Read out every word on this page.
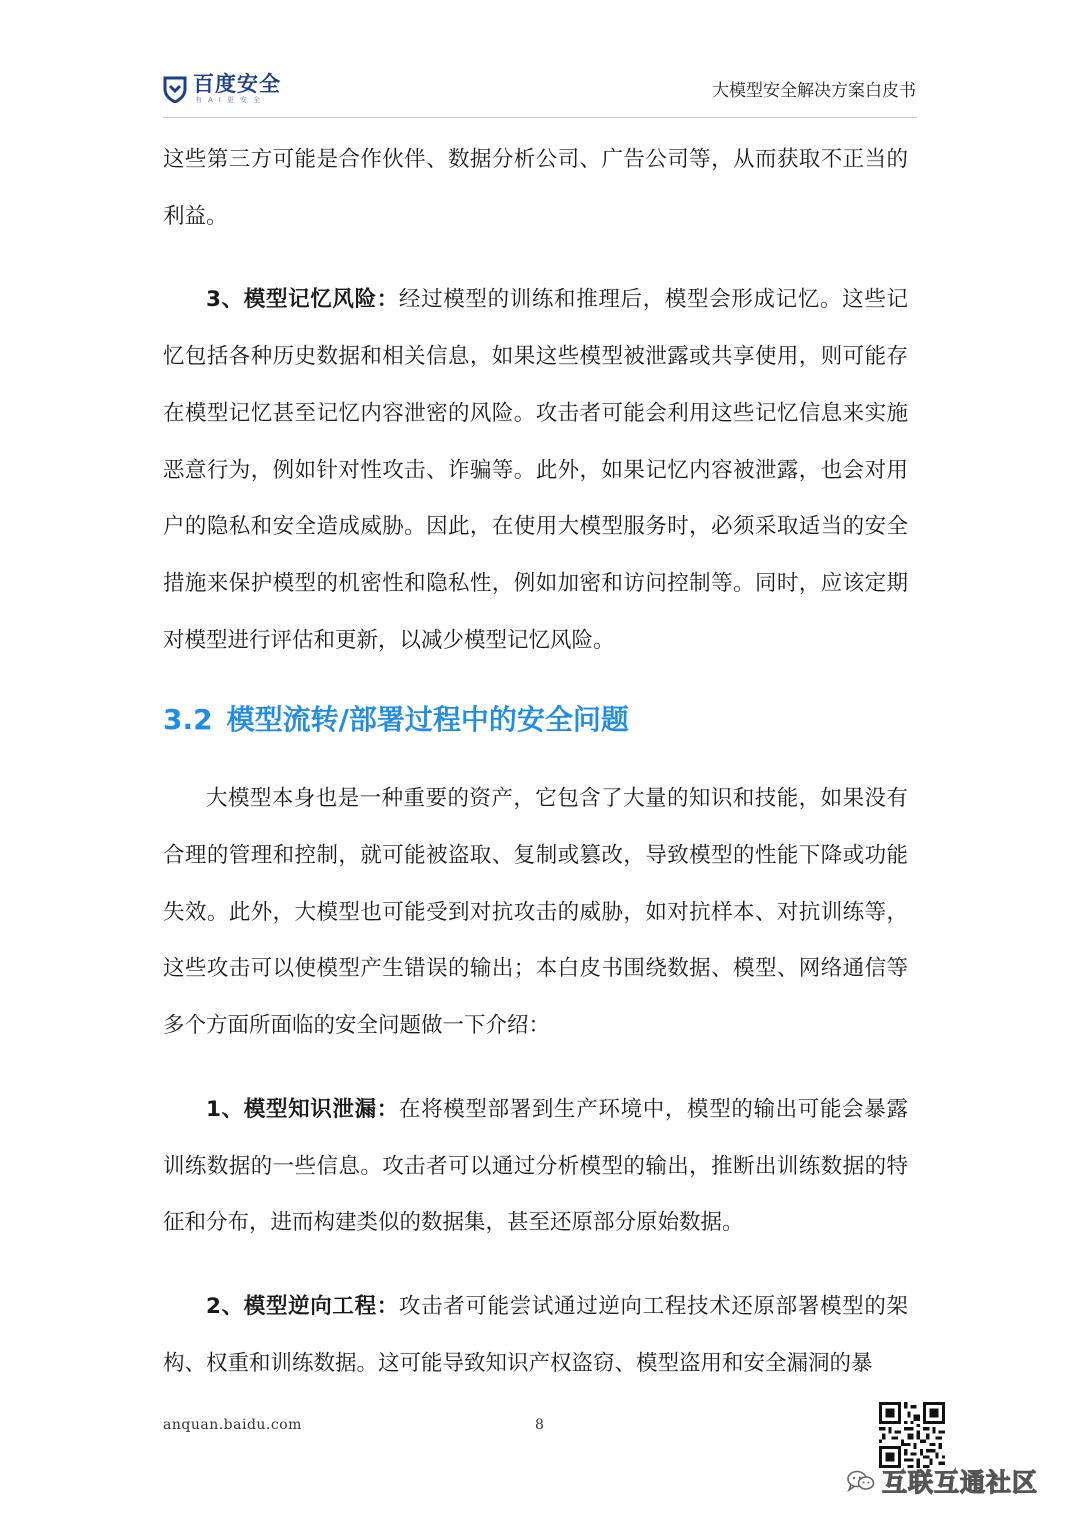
百度安全
有AI更安全	大模型安全解决方案白皮书

这些第三方可能是合作伙伴、数据分析公司、广告公司等，从而获取不正当的利益。

3、模型记忆风险：经过模型的训练和推理后，模型会形成记忆。这些记忆包括各种历史数据和相关信息，如果这些模型被泄露或共享使用，则可能存在模型记忆甚至记忆内容泄密的风险。攻击者可能会利用这些记忆信息来实施恶意行为，例如针对性攻击、诈骗等。此外，如果记忆内容被泄露，也会对用户的隐私和安全造成威胁。因此，在使用大模型服务时，必须采取适当的安全措施来保护模型的机密性和隐私性，例如加密和访问控制等。同时，应该定期对模型进行评估和更新，以减少模型记忆风险。

3.2 模型流转/部署过程中的安全问题

大模型本身也是一种重要的资产，它包含了大量的知识和技能，如果没有合理的管理和控制，就可能被盗取、复制或篡改，导致模型的性能下降或功能失效。此外，大模型也可能受到对抗攻击的威胁，如对抗样本、对抗训练等，这些攻击可以使模型产生错误的输出；本白皮书围绕数据、模型、网络通信等多个方面所面临的安全问题做一下介绍：

1、模型知识泄漏：在将模型部署到生产环境中，模型的输出可能会暴露训练数据的一些信息。攻击者可以通过分析模型的输出，推断出训练数据的特征和分布，进而构建类似的数据集，甚至还原部分原始数据。

2、模型逆向工程：攻击者可能尝试通过逆向工程技术还原部署模型的架构、权重和训练数据。这可能导致知识产权盗窃、模型盗用和安全漏洞的暴

anquan.baidu.com	8
互联互通社区
